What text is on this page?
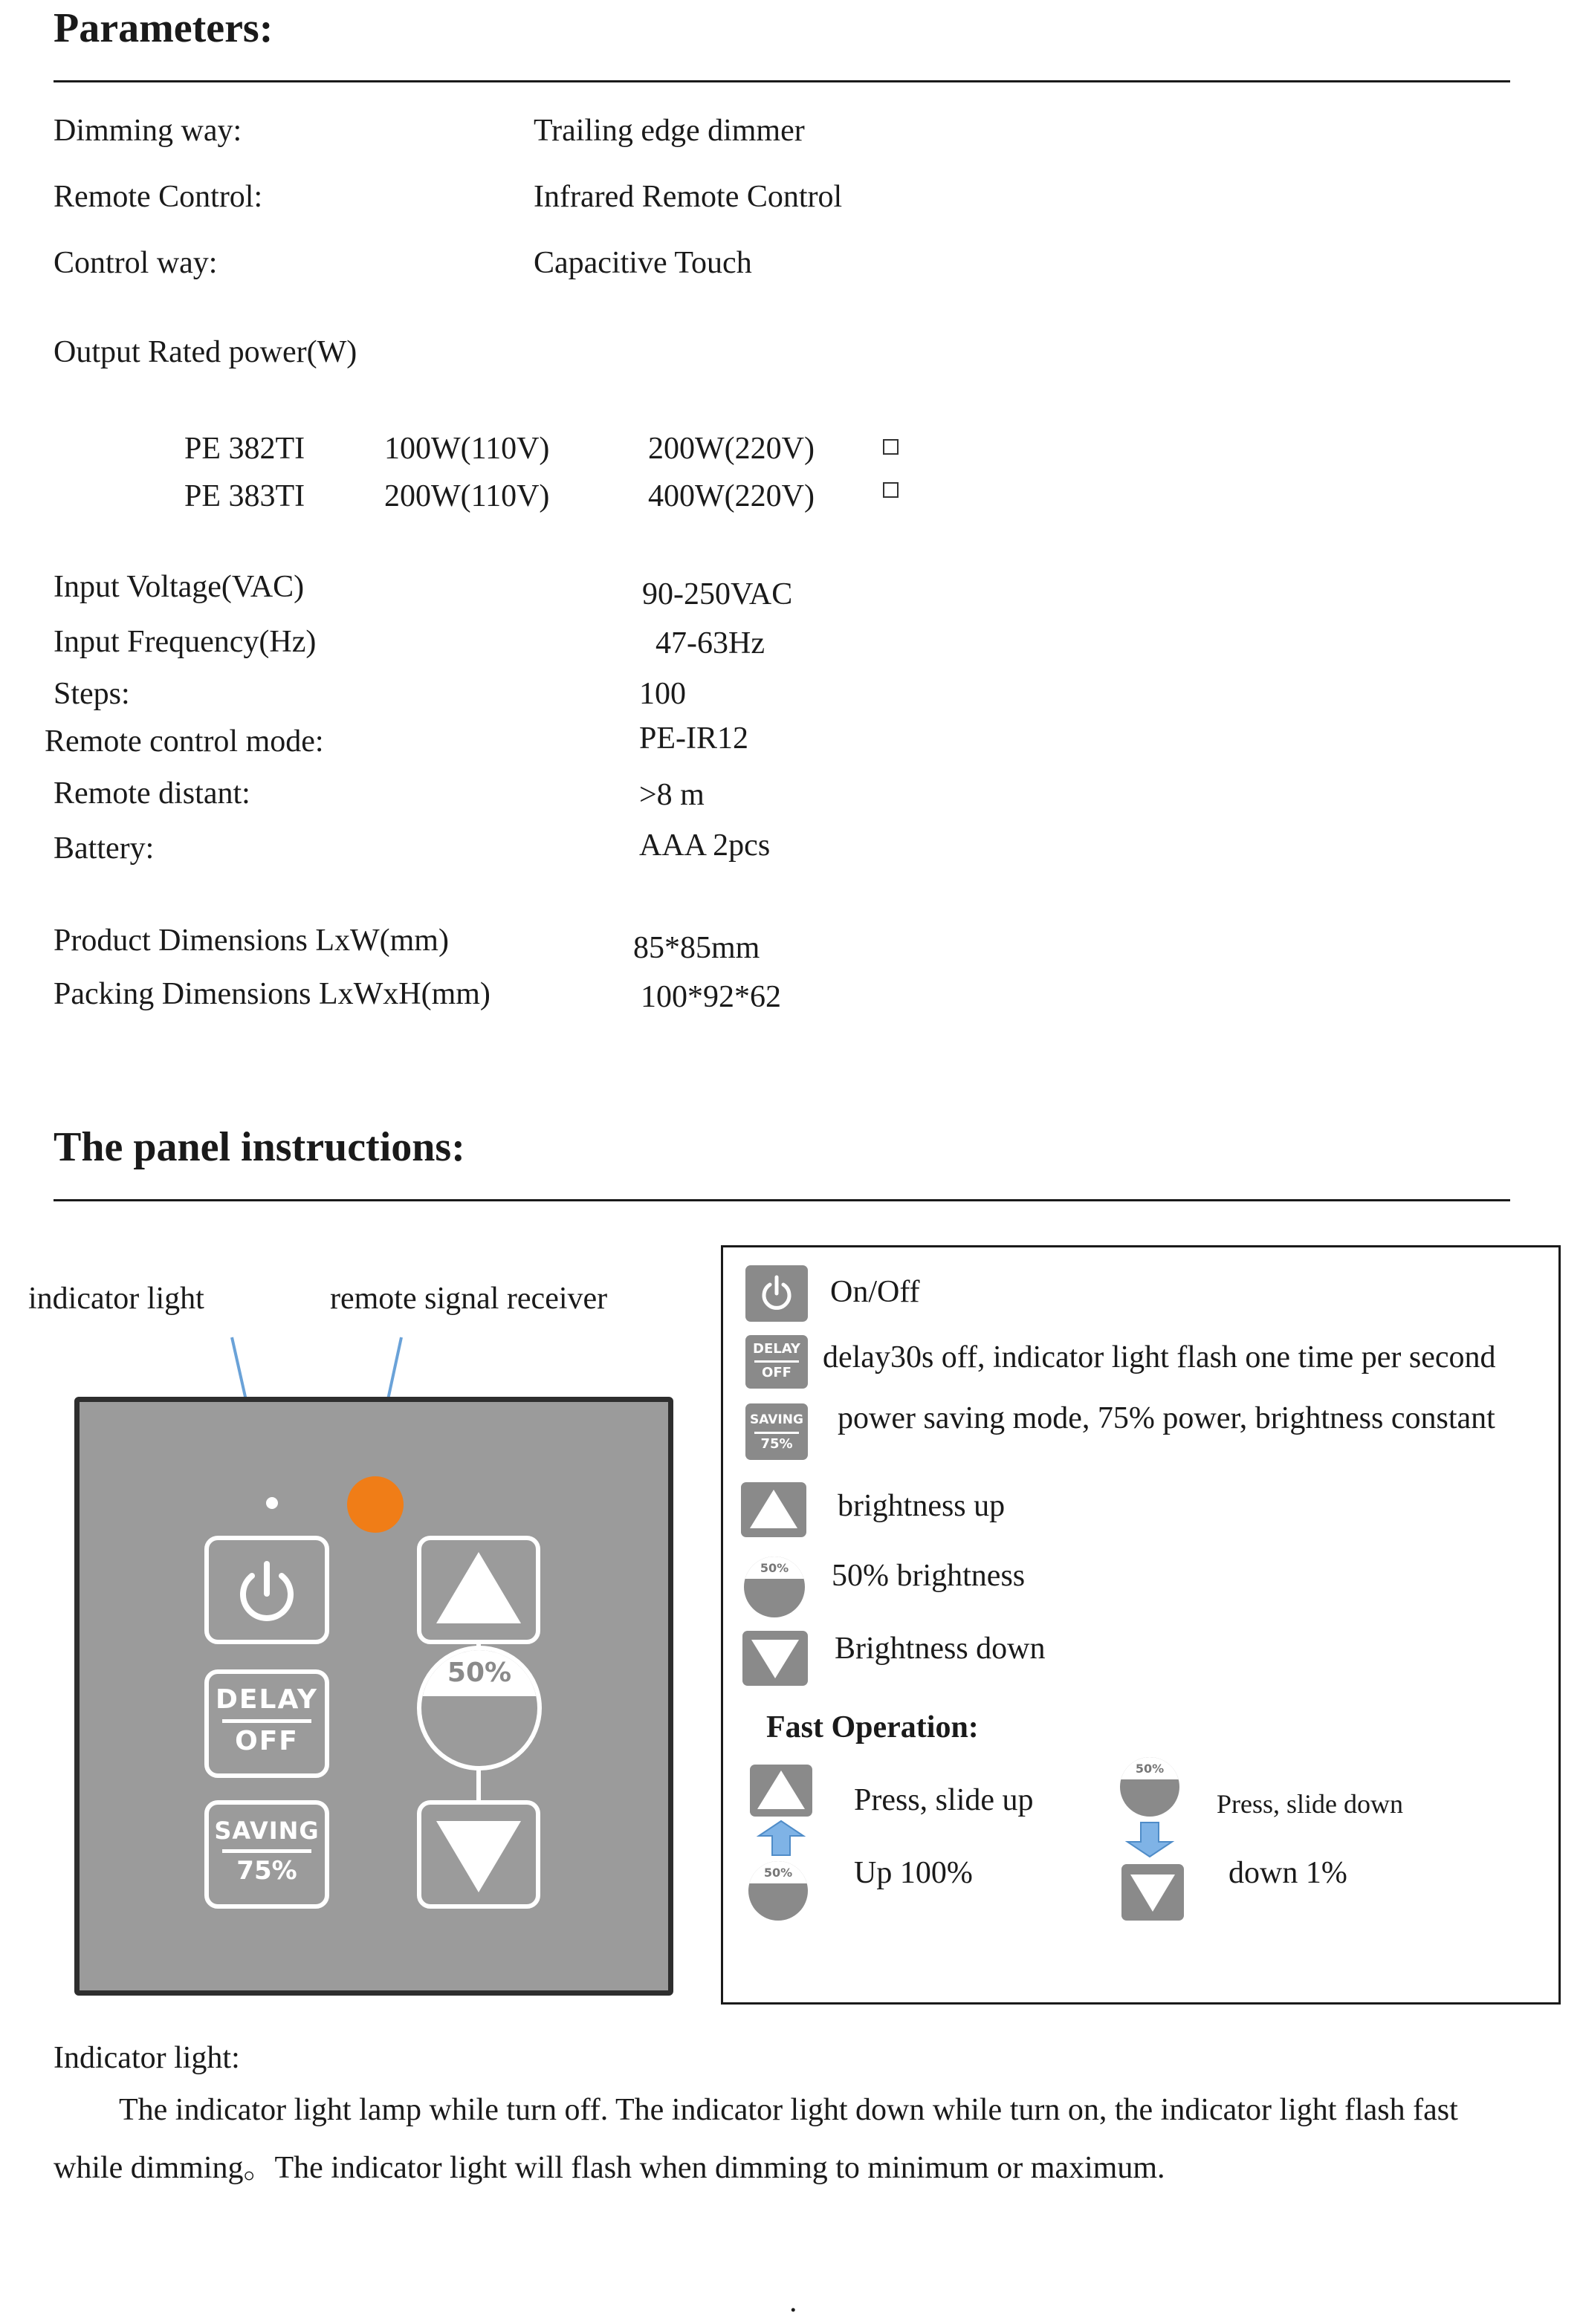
Parameters:
Dimming way:	Trailing edge dimmer
Remote Control:	Infrared Remote Control
Control way:	Capacitive Touch
Output Rated power(W)
PE 382TI	100W(110V)	200W(220V)
PE 383TI	200W(110V)	400W(220V)
Input Voltage(VAC)	90-250VAC
Input Frequency(Hz)	47-63Hz
Steps:	100
Remote control mode:	PE-IR12
Remote distant:	>8 m
Battery:	AAA 2pcs
Product Dimensions LxW(mm)	85*85mm
Packing Dimensions LxWxH(mm)	100*92*62
The panel instructions:
indicator light	remote signal receiver
DELAY
OFF
SAVING
75%
50%
On/Off
DELAY
OFF	delay30s off, indicator light flash one time per second
SAVING
75%
power saving mode, 75% power, brightness constant
brightness up
50%	50% brightness
Brightness down
Fast Operation:
50%
Press, slide up
Up 100%
50%
Press, slide down
down 1%
Indicator light:
The indicator light lamp while turn off. The indicator light down while turn on, the indicator light flash fast
while dimming。The indicator light will flash when dimming to minimum or maximum.
.
